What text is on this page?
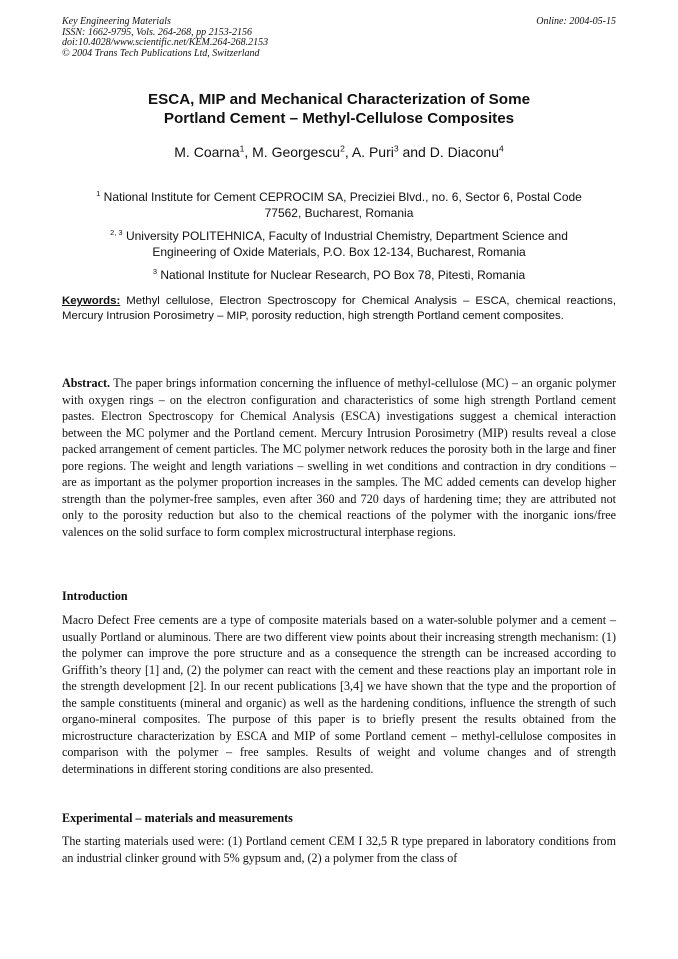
Key Engineering Materials
ISSN: 1662-9795, Vols. 264-268, pp 2153-2156
doi:10.4028/www.scientific.net/KEM.264-268.2153
© 2004 Trans Tech Publications Ltd, Switzerland
Online: 2004-05-15
ESCA, MIP and Mechanical Characterization of Some
Portland Cement – Methyl-Cellulose Composites
M. Coarna$^1$, M. Georgescu$^2$, A. Puri$^3$ and D. Diaconu$^4$
$^1$ National Institute for Cement CEPROCIM SA, Preciziei Blvd., no. 6, Sector 6, Postal Code
77562, Bucharest, Romania
$^{2, 3}$ University POLITEHNICA, Faculty of Industrial Chemistry, Department Science and
Engineering of Oxide Materials, P.O. Box 12-134, Bucharest, Romania
$^3$ National Institute for Nuclear Research, PO Box 78, Pitesti, Romania
Keywords: Methyl cellulose, Electron Spectroscopy for Chemical Analysis – ESCA, chemical reactions, Mercury Intrusion Porosimetry – MIP, porosity reduction, high strength Portland cement composites.
Abstract. The paper brings information concerning the influence of methyl-cellulose (MC) – an organic polymer with oxygen rings – on the electron configuration and characteristics of some high strength Portland cement pastes. Electron Spectroscopy for Chemical Analysis (ESCA) investigations suggest a chemical interaction between the MC polymer and the Portland cement. Mercury Intrusion Porosimetry (MIP) results reveal a close packed arrangement of cement particles. The MC polymer network reduces the porosity both in the large and finer pore regions. The weight and length variations – swelling in wet conditions and contraction in dry conditions – are as important as the polymer proportion increases in the samples. The MC added cements can develop higher strength than the polymer-free samples, even after 360 and 720 days of hardening time; they are attributed not only to the porosity reduction but also to the chemical reactions of the polymer with the inorganic ions/free valences on the solid surface to form complex microstructural interphase regions.
Introduction
Macro Defect Free cements are a type of composite materials based on a water-soluble polymer and a cement – usually Portland or aluminous. There are two different view points about their increasing strength mechanism: (1) the polymer can improve the pore structure and as a consequence the strength can be increased according to Griffith’s theory [1] and, (2) the polymer can react with the cement and these reactions play an important role in the strength development [2]. In our recent publications [3,4] we have shown that the type and the proportion of the sample constituents (mineral and organic) as well as the hardening conditions, influence the strength of such organo-mineral composites. The purpose of this paper is to briefly present the results obtained from the microstructure characterization by ESCA and MIP of some Portland cement – methyl-cellulose composites in comparison with the polymer – free samples. Results of weight and volume changes and of strength determinations in different storing conditions are also presented.
Experimental – materials and measurements
The starting materials used were: (1) Portland cement CEM I 32,5 R type prepared in laboratory conditions from an industrial clinker ground with 5% gypsum and, (2) a polymer from the class of
